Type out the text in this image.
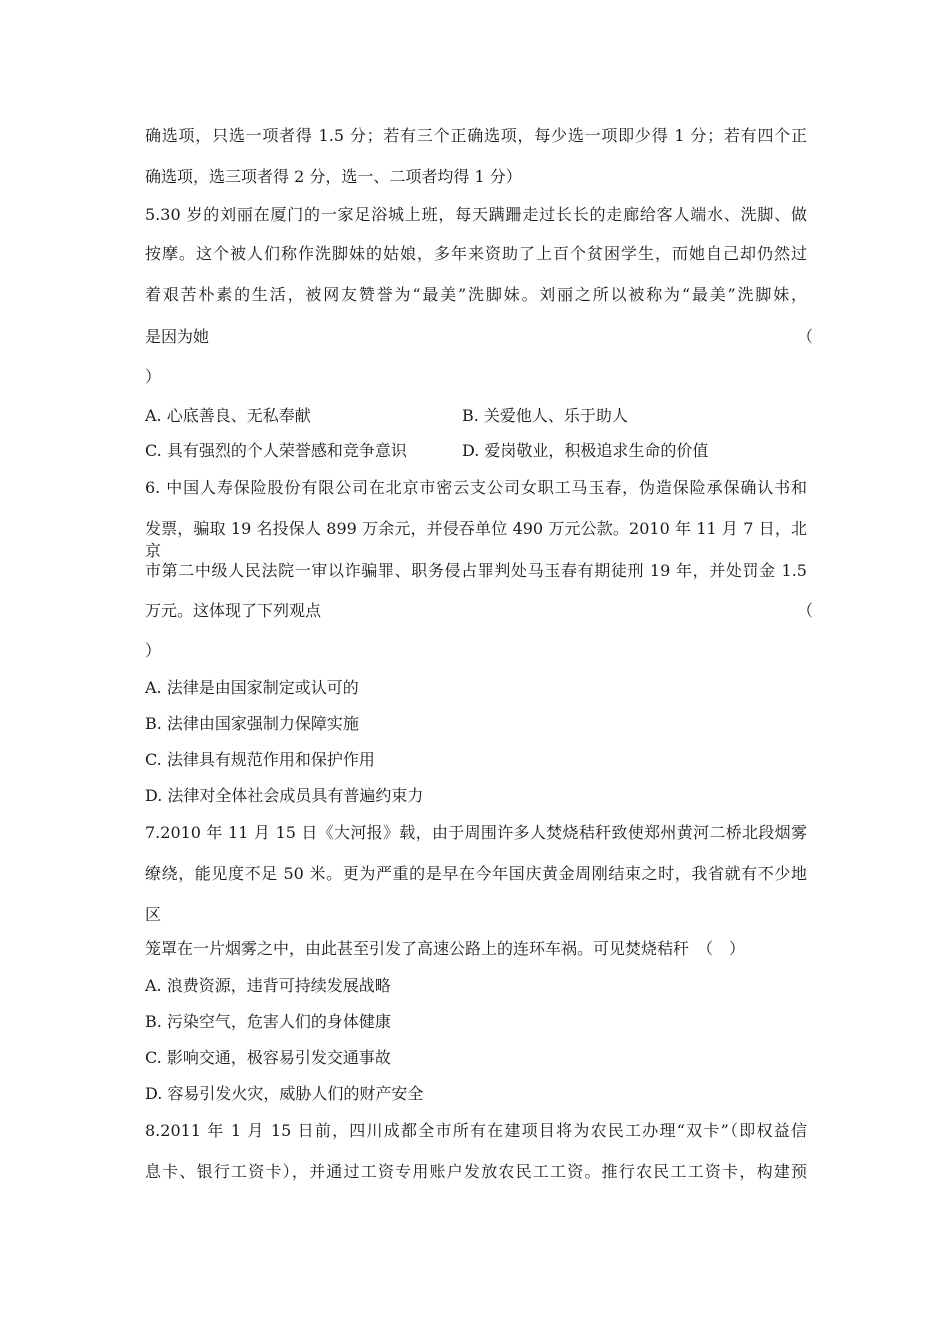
确选项，只选一项者得 1.5 分；若有三个正确选项，每少选一项即少得 1 分；若有四个正
确选项，选三项者得 2 分，选一、二项者均得 1 分）
5.30 岁的刘丽在厦门的一家足浴城上班，每天蹒跚走过长长的走廊给客人端水、洗脚、做
按摩。这个被人们称作洗脚妹的姑娘，多年来资助了上百个贫困学生，而她自己却仍然过
着艰苦朴素的生活，被网友赞誉为“最美”洗脚妹。刘丽之所以被称为“最美”洗脚妹，
是因为她	（
）
A. 心底善良、无私奉献	B. 关爱他人、乐于助人
C. 具有强烈的个人荣誉感和竞争意识	D. 爱岗敬业，积极追求生命的价值
6. 中国人寿保险股份有限公司在北京市密云支公司女职工马玉春，伪造保险承保确认书和
发票，骗取 19 名投保人 899 万余元，并侵吞单位 490 万元公款。2010 年 11 月 7 日，北京
市第二中级人民法院一审以诈骗罪、职务侵占罪判处马玉春有期徒刑 19 年，并处罚金 1.5
万元。这体现了下列观点	（
）
A. 法律是由国家制定或认可的
B. 法律由国家强制力保障实施
C. 法律具有规范作用和保护作用
D. 法律对全体社会成员具有普遍约束力
7.2010 年 11 月 15 日《大河报》载，由于周围许多人焚烧秸秆致使郑州黄河二桥北段烟雾
缭绕，能见度不足 50 米。更为严重的是早在今年国庆黄金周刚结束之时，我省就有不少地
区
笼罩在一片烟雾之中，由此甚至引发了高速公路上的连环车祸。可见焚烧秸秆　（　）
A. 浪费资源，违背可持续发展战略
B. 污染空气，危害人们的身体健康
C. 影响交通，极容易引发交通事故
D. 容易引发火灾，威胁人们的财产安全
8.2011 年 1 月 15 日前，四川成都全市所有在建项目将为农民工办理“双卡”（即权益信
息卡、银行工资卡），并通过工资专用账户发放农民工工资。推行农民工工资卡，构建预
